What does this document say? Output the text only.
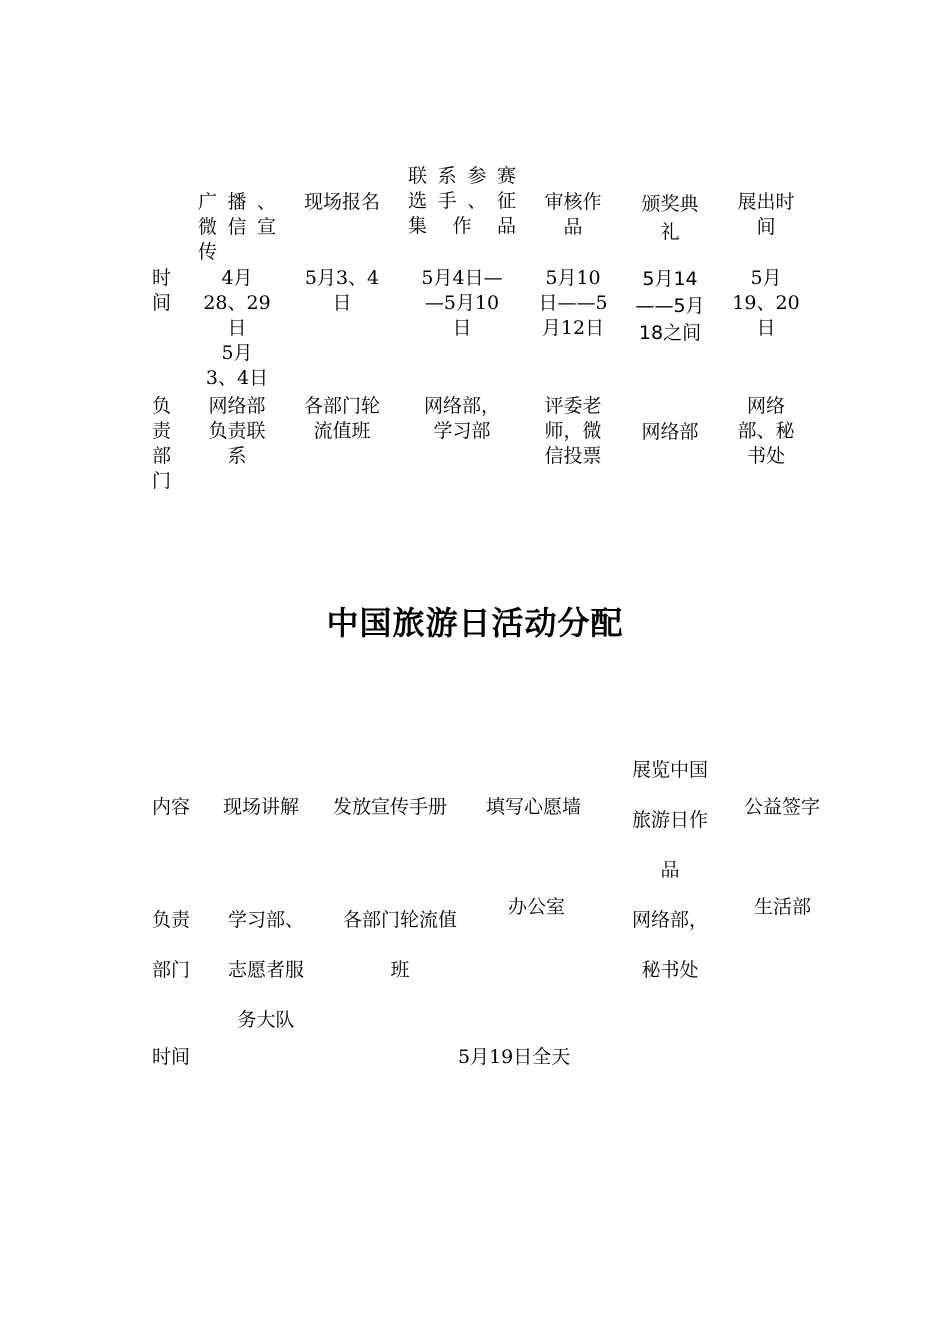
广播、
微信宣
传
现场报名
联系参赛
选手、征
集作品
审核作
品
颁奖典
礼
展出时
间
时
间
4月
28、29
日
5月
3、4日
5月3、4
日
5月4日—
—5月10
日
5月10
日——5
月12日
5月14
——5月
18之间
5月
19、20
日
负
责
部
门
网络部
负责联
系
各部门轮
流值班
网络部，
学习部
评委老
师，微
信投票
网络部
网络
部、秘
书处
中国旅游日活动分配
内容 现场讲解 发放宣传手册 填写心愿墙
展览中国
旅游日作
品
公益签字
负责
部门
学习部、
志愿者服
务大队
各部门轮流值
班
办公室
网络部，
秘书处
生活部
时间	5月19日全天
